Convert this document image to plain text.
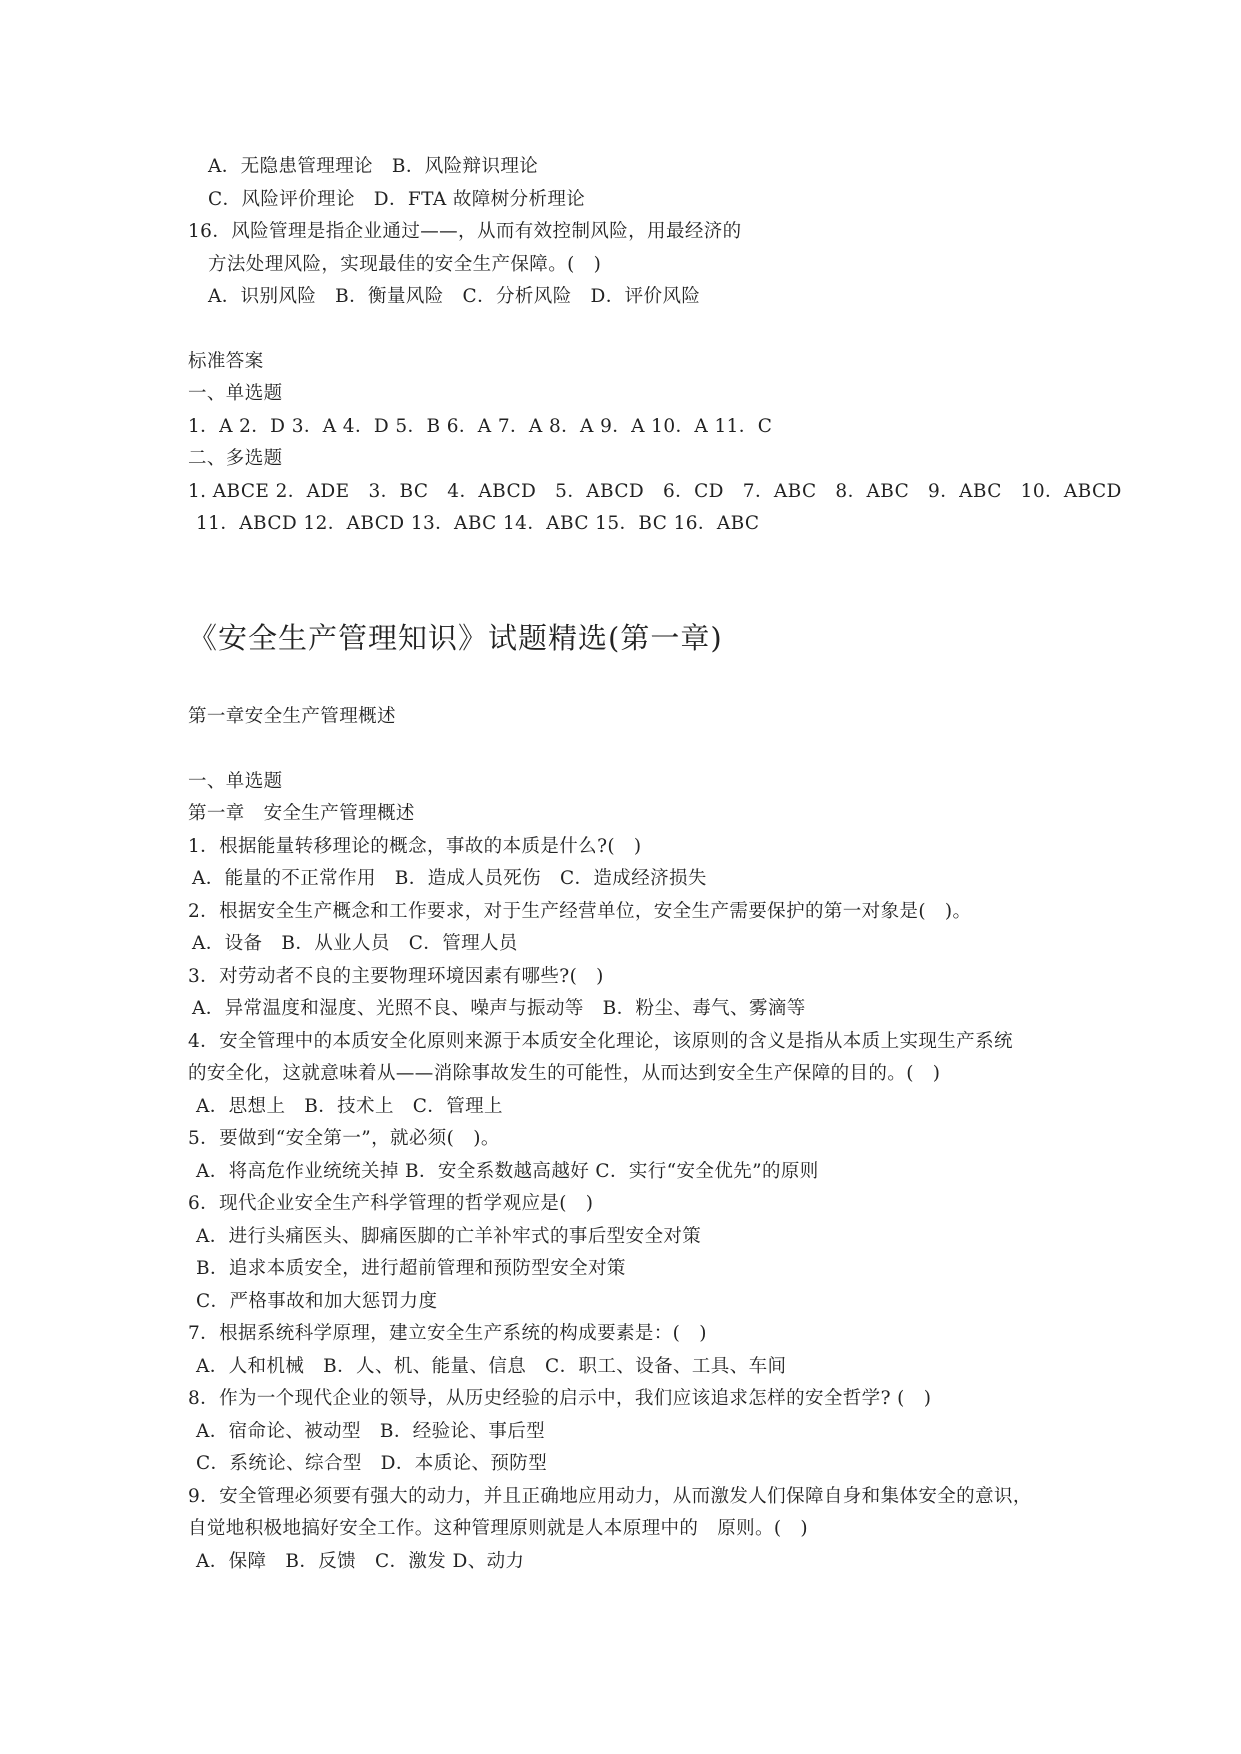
A．无隐患管理理论　B．风险辩识理论
C．风险评价理论　D．FTA 故障树分析理论
16．风险管理是指企业通过——，从而有效控制风险，用最经济的
方法处理风险，实现最佳的安全生产保障。(　)
A．识别风险　B．衡量风险　C．分析风险　D．评价风险
标准答案
一、单选题
1．A 2．D 3．A 4．D 5．B 6．A 7．A 8．A 9．A 10．A 11．C
二、多选题
1. ABCE 2．ADE　3．BC　4．ABCD　5．ABCD　6．CD　7．ABC　8．ABC　9．ABC　10．ABCD
11．ABCD 12．ABCD 13．ABC 14．ABC 15．BC 16．ABC
《安全生产管理知识》试题精选(第一章)
第一章安全生产管理概述
一、单选题
第一章　安全生产管理概述
1．根据能量转移理论的概念，事故的本质是什么?(　)
A．能量的不正常作用　B．造成人员死伤　C．造成经济损失
2．根据安全生产概念和工作要求，对于生产经营单位，安全生产需要保护的第一对象是(　)。
A．设备　B．从业人员　C．管理人员
3．对劳动者不良的主要物理环境因素有哪些?(　)
A．异常温度和湿度、光照不良、噪声与振动等　B．粉尘、毒气、雾滴等
4．安全管理中的本质安全化原则来源于本质安全化理论，该原则的含义是指从本质上实现生产系统
的安全化，这就意味着从——消除事故发生的可能性，从而达到安全生产保障的目的。(　)
A．思想上　B．技术上　C．管理上
5．要做到“安全第一”，就必须(　)。
A．将高危作业统统关掉 B．安全系数越高越好 C．实行“安全优先”的原则
6．现代企业安全生产科学管理的哲学观应是(　)
A．进行头痛医头、脚痛医脚的亡羊补牢式的事后型安全对策
B．追求本质安全，进行超前管理和预防型安全对策
C．严格事故和加大惩罚力度
7．根据系统科学原理，建立安全生产系统的构成要素是：(　)
A．人和机械　B．人、机、能量、信息　C．职工、设备、工具、车间
8．作为一个现代企业的领导，从历史经验的启示中，我们应该追求怎样的安全哲学? (　)
A．宿命论、被动型　B．经验论、事后型
C．系统论、综合型　D．本质论、预防型
9．安全管理必须要有强大的动力，并且正确地应用动力，从而激发人们保障自身和集体安全的意识，
自觉地积极地搞好安全工作。这种管理原则就是人本原理中的　原则。(　)
A．保障　B．反馈　C．激发 D、动力
